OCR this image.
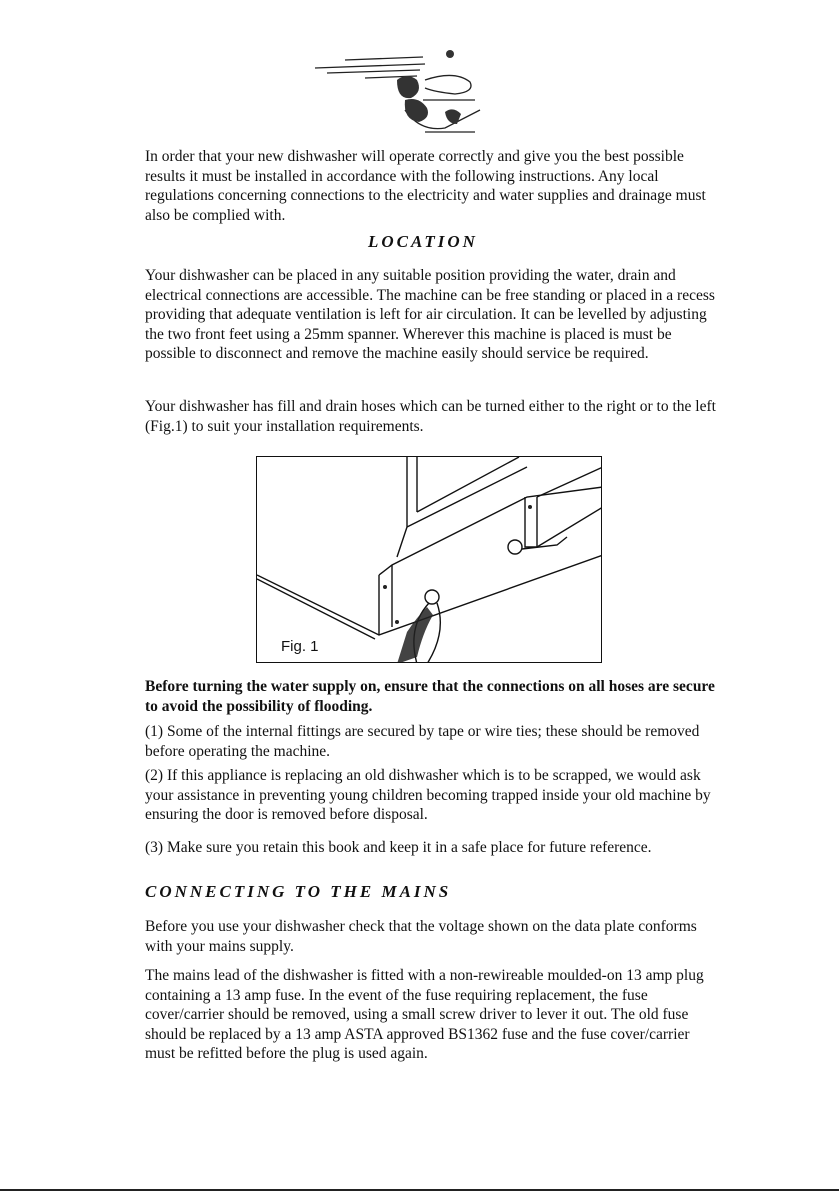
In order that your new dishwasher will operate correctly and give you the best possible results it must be installed in accordance with the following instructions. Any local regulations concerning connections to the electricity and water supplies and drainage must also be complied with.
LOCATION
Your dishwasher can be placed in any suitable position providing the water, drain and electrical connections are accessible. The machine can be free standing or placed in a recess providing that adequate ventilation is left for air circulation. It can be levelled by adjusting the two front feet using a 25mm spanner. Wherever this machine is placed is must be possible to disconnect and remove the machine easily should service be required.
Your dishwasher has fill and drain hoses which can be turned either to the right or to the left (Fig.1) to suit your installation requirements.
Fig. 1
Before turning the water supply on, ensure that the connections on all hoses are secure to avoid the possibility of flooding.
(1) Some of the internal fittings are secured by tape or wire ties; these should be removed before operating the machine.
(2) If this appliance is replacing an old dishwasher which is to be scrapped, we would ask your assistance in preventing young children becoming trapped inside your old machine by ensuring the door is removed before disposal.
(3) Make sure you retain this book and keep it in a safe place for future reference.
CONNECTING TO THE MAINS
Before you use your dishwasher check that the voltage shown on the data plate conforms with your mains supply.
The mains lead of the dishwasher is fitted with a non-rewireable moulded-on 13 amp plug containing a 13 amp fuse. In the event of the fuse requiring replacement, the fuse cover/carrier should be removed, using a small screw driver to lever it out. The old fuse should be replaced by a 13 amp ASTA approved BS1362 fuse and the fuse cover/carrier must be refitted before the plug is used again.
